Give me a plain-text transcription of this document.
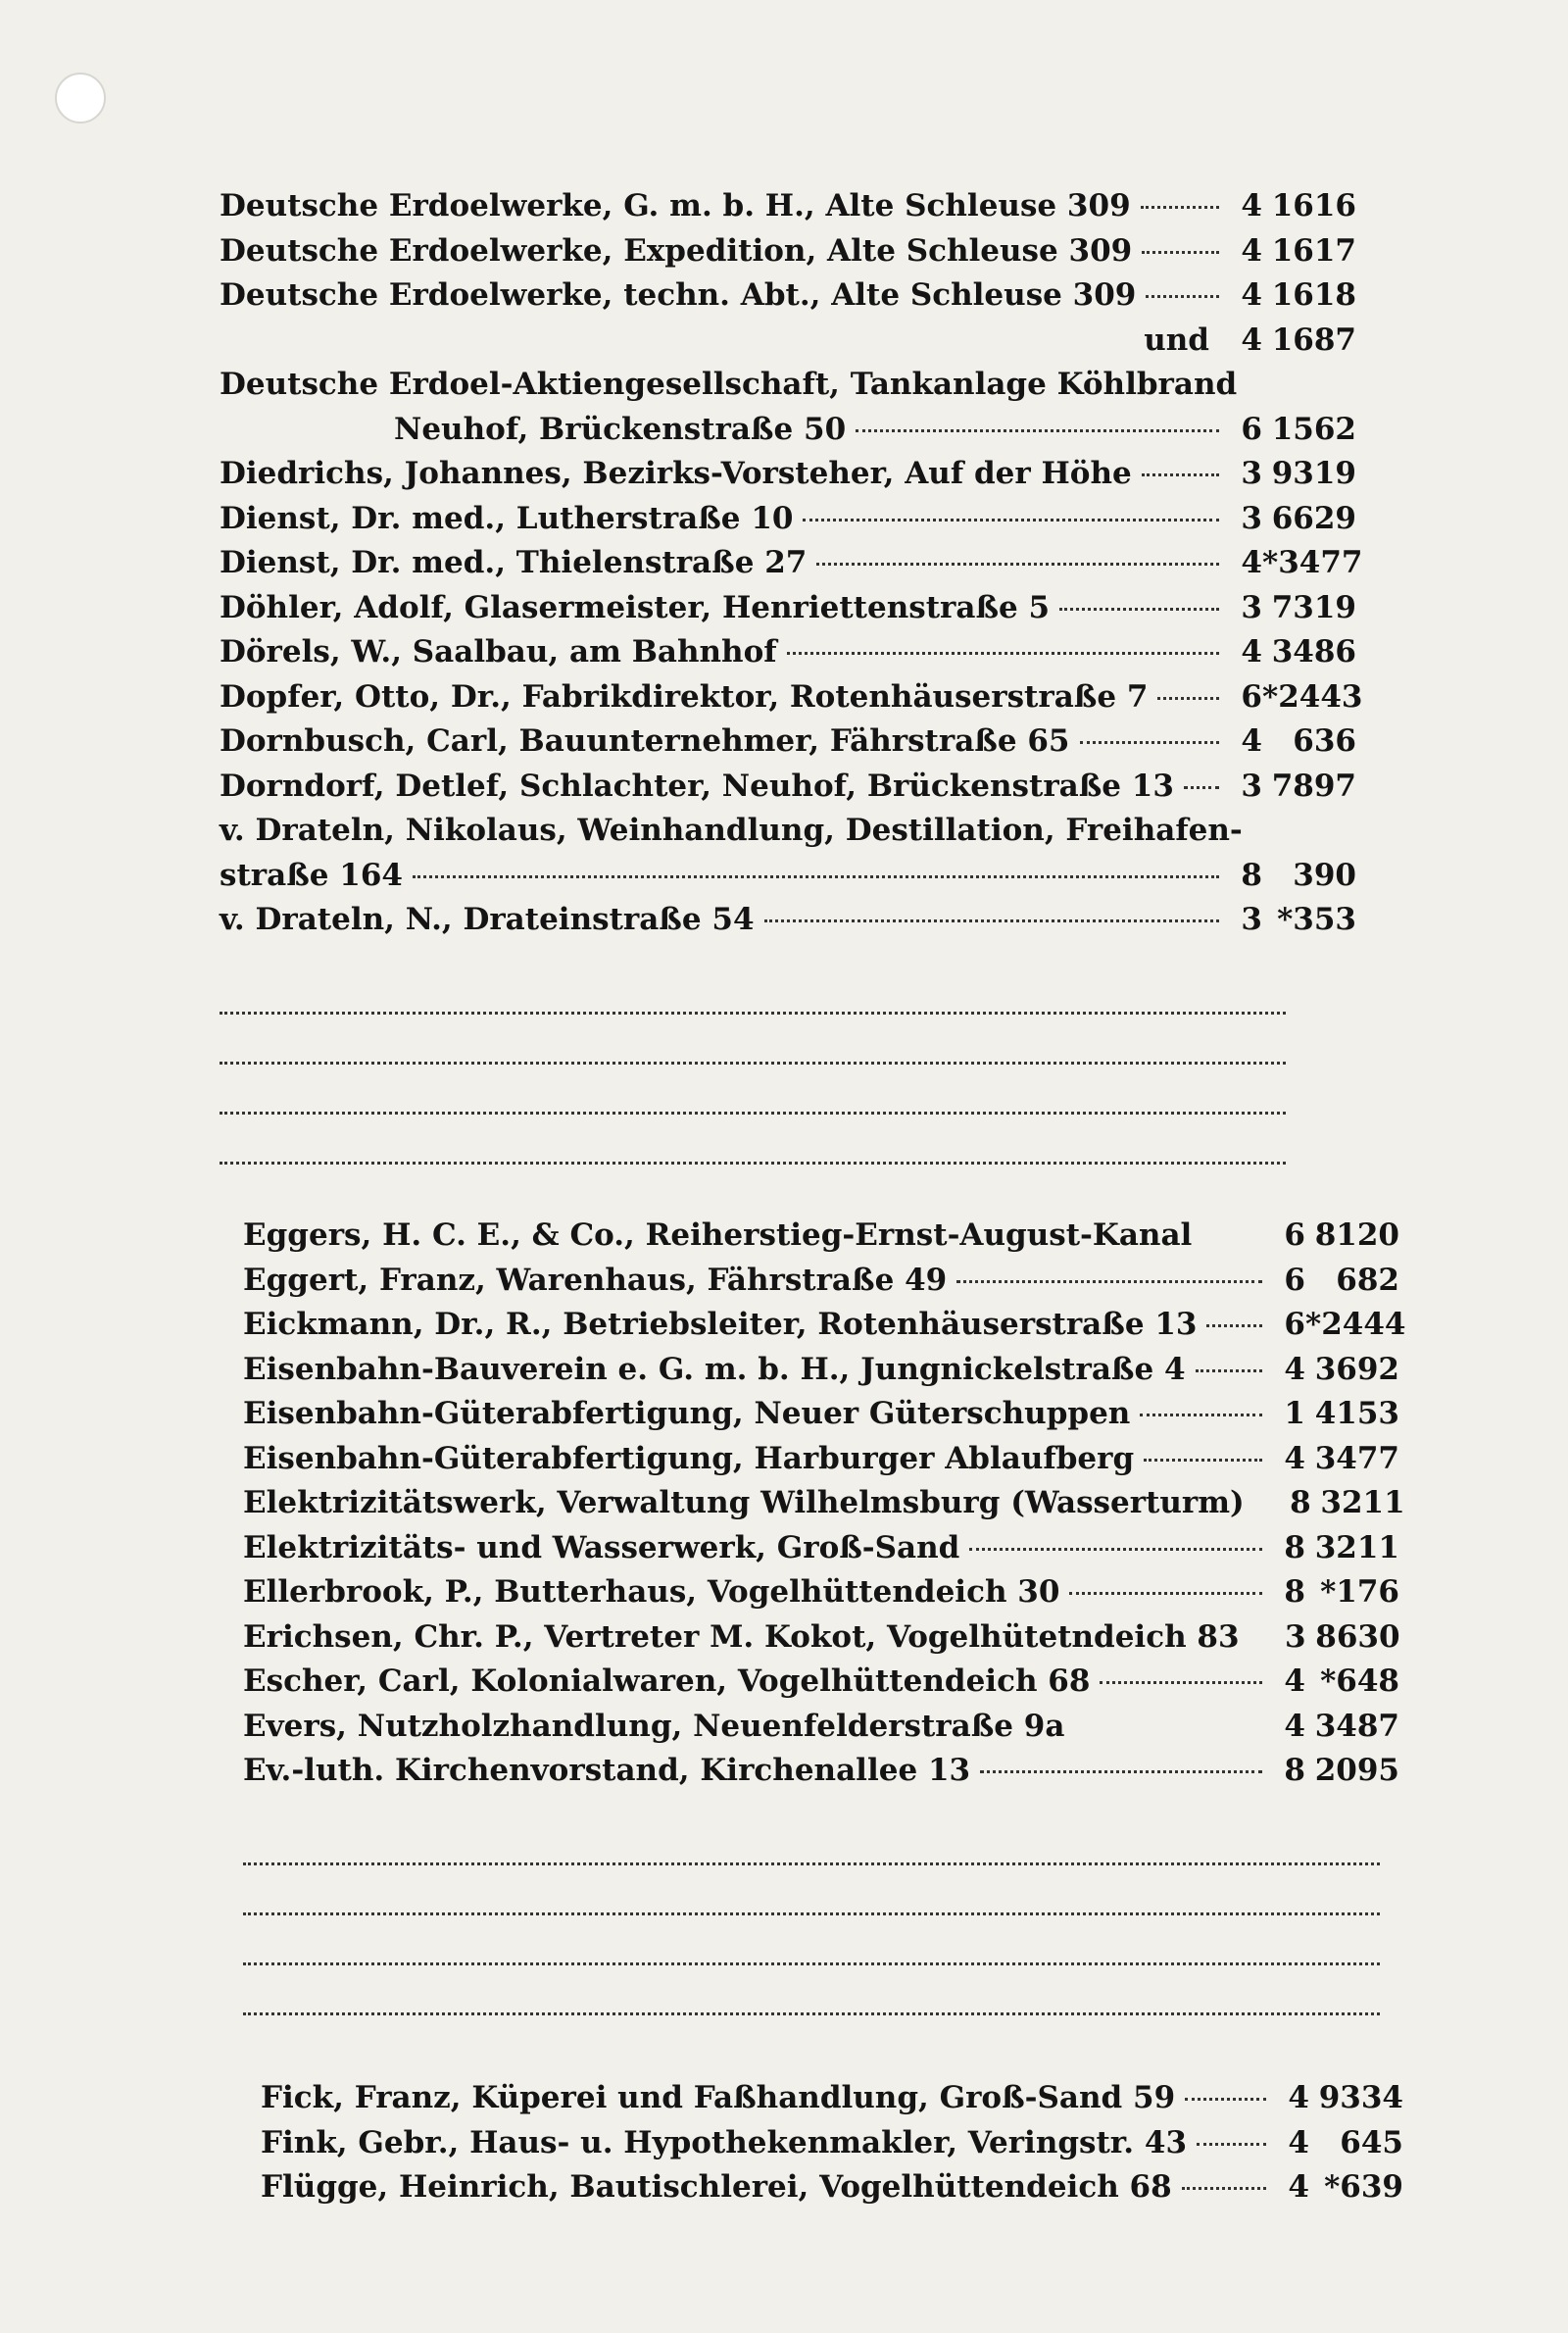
Deutsche Erdoelwerke, G. m. b. H., Alte Schleuse 309	4 1616
Deutsche Erdoelwerke, Expedition, Alte Schleuse 309	4 1617
Deutsche Erdoelwerke, techn. Abt., Alte Schleuse 309	4 1618
und	4 1687
Deutsche Erdoel-Aktiengesellschaft, Tankanlage Köhlbrand
Neuhof, Brückenstraße 50	6 1562
Diedrichs, Johannes, Bezirks-Vorsteher, Auf der Höhe	3 9319
Dienst, Dr. med., Lutherstraße 10	3 6629
Dienst, Dr. med., Thielenstraße 27	4 *3477
Döhler, Adolf, Glasermeister, Henriettenstraße 5	3 7319
Dörels, W., Saalbau, am Bahnhof	4 3486
Dopfer, Otto, Dr., Fabrikdirektor, Rotenhäuserstraße 7	6 *2443
Dornbusch, Carl, Bauunternehmer, Fährstraße 65	4	636
Dorndorf, Detlef, Schlachter, Neuhof, Brückenstraße 13	3 7897
v. Drateln, Nikolaus, Weinhandlung, Destillation, Freihafen-
straße 164	8	390
v. Drateln, N., Drateinstraße 54	3 *353
Eggers, H. C. E., & Co., Reiherstieg-Ernst-August-Kanal	6 8120
Eggert, Franz, Warenhaus, Fährstraße 49	6	682
Eickmann, Dr., R., Betriebsleiter, Rotenhäuserstraße 13	6 *2444
Eisenbahn-Bauverein e. G. m. b. H., Jungnickelstraße 4	4 3692
Eisenbahn-Güterabfertigung, Neuer Güterschuppen	1 4153
Eisenbahn-Güterabfertigung, Harburger Ablaufberg	4 3477
Elektrizitätswerk, Verwaltung Wilhelmsburg (Wasserturm)	8 3211
Elektrizitäts- und Wasserwerk, Groß-Sand	8 3211
Ellerbrook, P., Butterhaus, Vogelhüttendeich 30	8 *176
Erichsen, Chr. P., Vertreter M. Kokot, Vogelhütetndeich 83	3 8630
Escher, Carl, Kolonialwaren, Vogelhüttendeich 68	4 *648
Evers, Nutzholzhandlung, Neuenfelderstraße 9a	4 3487
Ev.-luth. Kirchenvorstand, Kirchenallee 13	8 2095
Fick, Franz, Küperei und Faßhandlung, Groß-Sand 59	4 9334
Fink, Gebr., Haus- u. Hypothekenmakler, Veringstr. 43	4	645
Flügge, Heinrich, Bautischlerei, Vogelhüttendeich 68	4 *639
